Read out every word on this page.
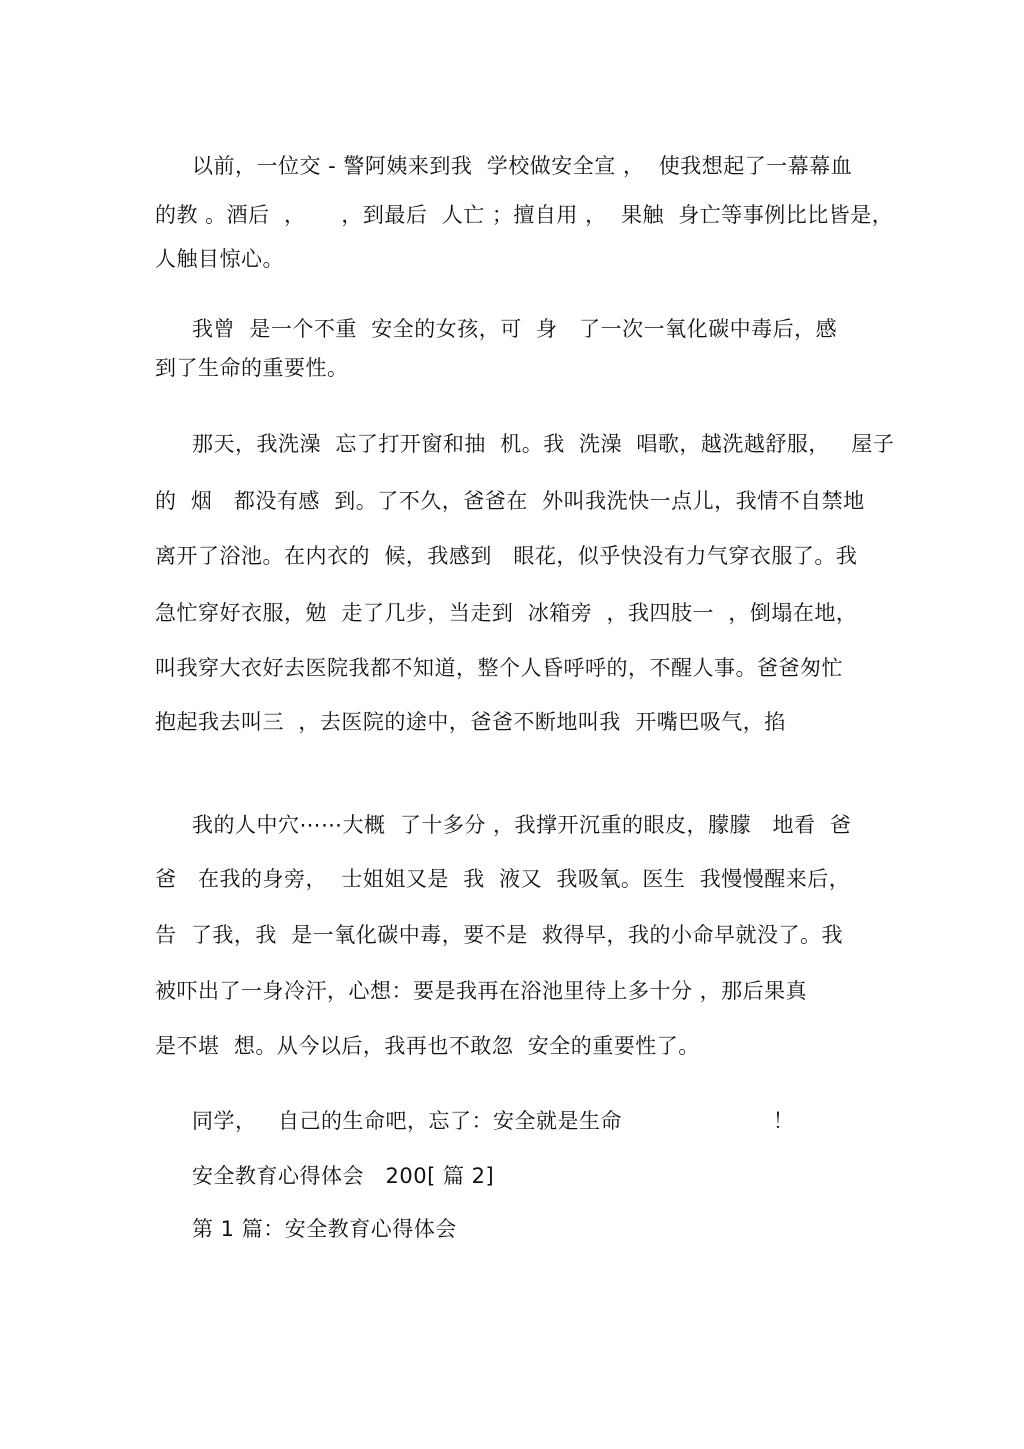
以前，一位交 - 警阿姨来到我  学校做安全宣 ，  使我想起了一幕幕血
的教 。酒后  ，     ，到最后  人亡 ；擅自用 ，  果触  身亡等事例比比皆是，
人触目惊心。
我曾  是一个不重  安全的女孩，可  身   了一次一氧化碳中毒后，感
到了生命的重要性。
那天，我洗澡  忘了打开窗和抽  机。我  洗澡  唱歌，越洗越舒服，   屋子
的  烟   都没有感  到。了不久，爸爸在  外叫我洗快一点儿，我情不自禁地
离开了浴池。在内衣的  候，我感到   眼花，似乎快没有力气穿衣服了。我
急忙穿好衣服，勉  走了几步，当走到  冰箱旁  ，我四肢一  ，倒塌在地，
叫我穿大衣好去医院我都不知道，整个人昏呼呼的，不醒人事。爸爸匆忙
抱起我去叫三  ，去医院的途中，爸爸不断地叫我  开嘴巴吸气，掐
我的人中穴⋯⋯大概  了十多分 ，我撑开沉重的眼皮，朦朦   地看  爸
爸   在我的身旁，  士姐姐又是  我  液又  我吸氧。医生  我慢慢醒来后，
告  了我，我  是一氧化碳中毒，要不是  救得早，我的小命早就没了。我
被吓出了一身冷汗，心想：要是我再在浴池里待上多十分 ，那后果真
是不堪  想。从今以后，我再也不敢忽  安全的重要性了。
同学，   自己的生命吧，忘了：安全就是生命                     ！
安全教育心得体会   200[ 篇 2]
第 1 篇：安全教育心得体会
